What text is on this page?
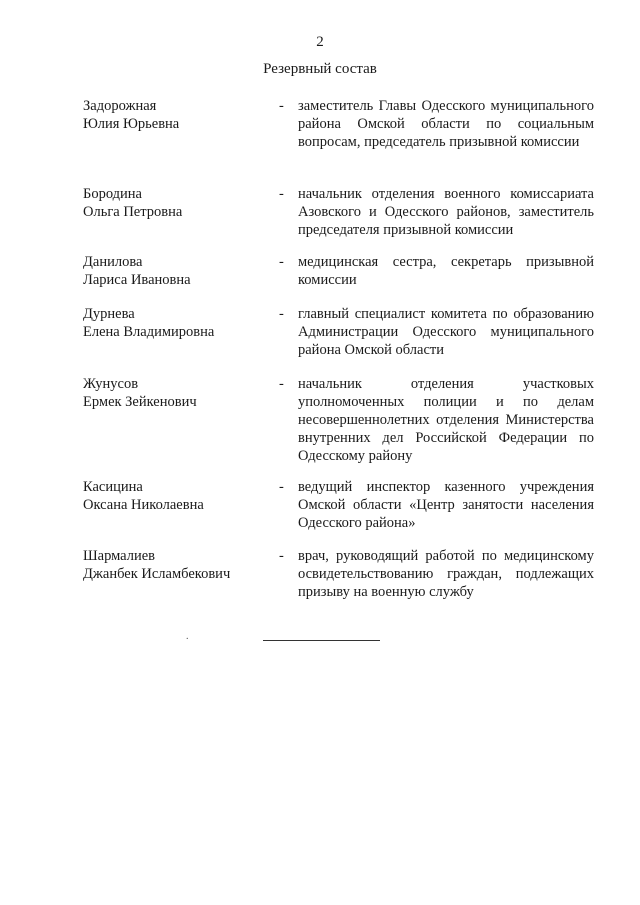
2
Резервный состав
Задорожная
Юлия Юрьевна
- заместитель Главы Одесского муниципального района Омской области по социальным вопросам, председатель призывной комиссии
Бородина
Ольга Петровна
- начальник отделения военного комиссариата Азовского и Одесского районов, заместитель председателя призывной комиссии
Данилова
Лариса Ивановна
- медицинская сестра, секретарь призывной комиссии
Дурнева
Елена Владимировна
- главный специалист комитета по образованию Администрации Одесского муниципального района Омской области
Жунусов
Ермек Зейкенович
- начальник отделения участковых уполномоченных полиции и по делам несовершеннолетних отделения Министерства внутренних дел Российской Федерации по Одесскому району
Касицина
Оксана Николаевна
- ведущий инспектор казенного учреждения Омской области «Центр занятости населения Одесского района»
Шармалиев
Джанбек Исламбекович
- врач, руководящий работой по медицинскому освидетельствованию граждан, подлежащих призыву на военную службу
.
